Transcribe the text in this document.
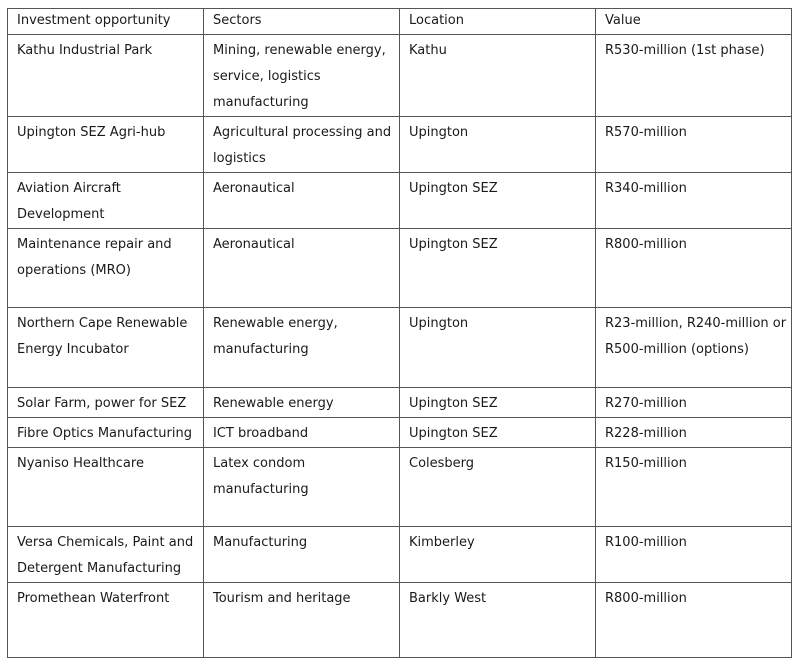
Investment opportunity	Sectors	Location	Value
Kathu Industrial Park	Mining, renewable energy, service, logistics manufacturing	Kathu	R530-million (1st phase)
Upington SEZ Agri-hub	Agricultural processing and logistics	Upington	R570-million
Aviation Aircraft Development	Aeronautical	Upington SEZ	R340-million
Maintenance repair and operations (MRO)	Aeronautical	Upington SEZ	R800-million
Northern Cape Renewable Energy Incubator	Renewable energy, manufacturing	Upington	R23-million, R240-million or R500-million (options)
Solar Farm, power for SEZ	Renewable energy	Upington SEZ	R270-million
Fibre Optics Manufacturing	ICT broadband	Upington SEZ	R228-million
Nyaniso Healthcare	Latex condom manufacturing	Colesberg	R150-million
Versa Chemicals, Paint and Detergent Manufacturing	Manufacturing	Kimberley	R100-million
Promethean Waterfront	Tourism and heritage	Barkly West	R800-million
